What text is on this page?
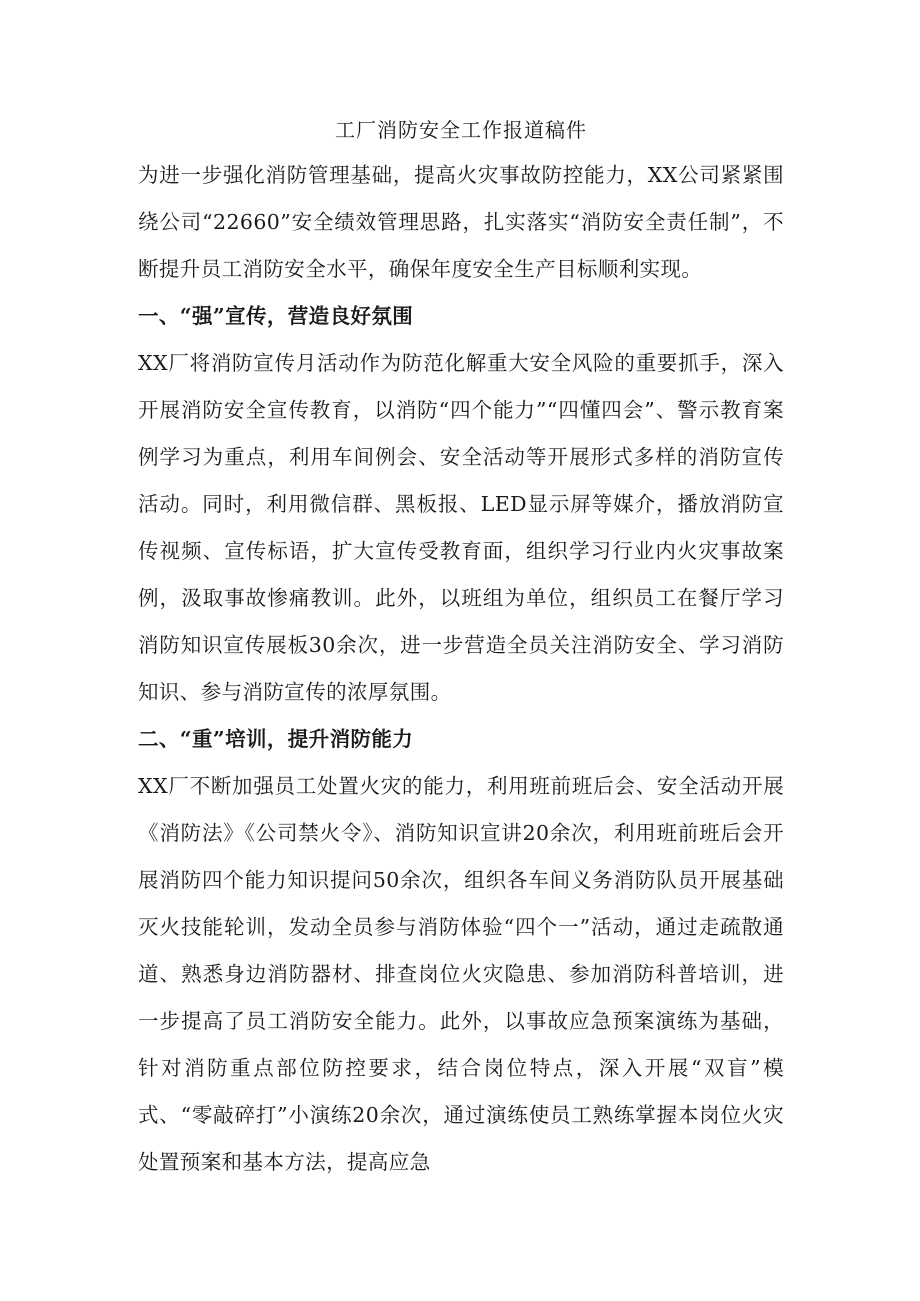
工厂消防安全工作报道稿件

为进一步强化消防管理基础，提高火灾事故防控能力，XX公司紧紧围绕公司“22660”安全绩效管理思路，扎实落实“消防安全责任制”，不断提升员工消防安全水平，确保年度安全生产目标顺利实现。

一、“强”宣传，营造良好氛围

XX厂将消防宣传月活动作为防范化解重大安全风险的重要抓手，深入开展消防安全宣传教育，以消防“四个能力”“四懂四会”、警示教育案例学习为重点，利用车间例会、安全活动等开展形式多样的消防宣传活动。同时，利用微信群、黑板报、LED显示屏等媒介，播放消防宣传视频、宣传标语，扩大宣传受教育面，组织学习行业内火灾事故案例，汲取事故惨痛教训。此外，以班组为单位，组织员工在餐厅学习消防知识宣传展板30余次，进一步营造全员关注消防安全、学习消防知识、参与消防宣传的浓厚氛围。

二、“重”培训，提升消防能力

XX厂不断加强员工处置火灾的能力，利用班前班后会、安全活动开展《消防法》《公司禁火令》、消防知识宣讲20余次，利用班前班后会开展消防四个能力知识提问50余次，组织各车间义务消防队员开展基础灭火技能轮训，发动全员参与消防体验“四个一”活动，通过走疏散通道、熟悉身边消防器材、排查岗位火灾隐患、参加消防科普培训，进一步提高了员工消防安全能力。此外，以事故应急预案演练为基础，针对消防重点部位防控要求，结合岗位特点，深入开展“双盲”模式、“零敲碎打”小演练20余次，通过演练使员工熟练掌握本岗位火灾处置预案和基本方法，提高应急
